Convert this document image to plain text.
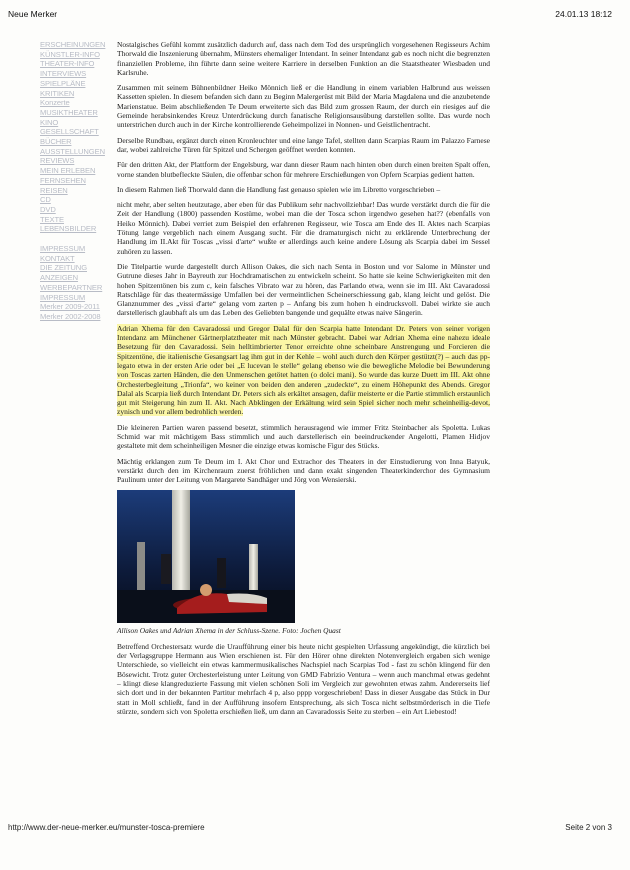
Neue Merker	24.01.13 18:12
ERSCHEINUNGEN
KÜNSTLER-INFO
THEATER-INFO
INTERVIEWS
SPIELPLÄNE
KRITIKEN
Konzerte
MUSIKTHEATER
KINO
GESELLSCHAFT
BÜCHER
AUSSTELLUNGEN
REVIEWS
MEIN ERLEBEN
FERNSEHEN
REISEN
CD
DVD
TEXTE
LEBENSBILDER
IMPRESSUM
KONTAKT
DIE ZEITUNG
ANZEIGEN
WERBEPARTNER
IMPRESSUM
Merker 2009-2011
Merker 2002-2008

Nostalgisches Gefühl kommt zusätzlich dadurch auf, dass nach dem Tod des ursprünglich vorgesehenen Regisseurs Achim Thorwald die Inszenierung übernahm, Münsters ehemaliger Intendant. In seiner Intendanz gab es noch nicht die begrenzten finanziellen Probleme, ihn führte dann seine weitere Karriere in derselben Funktion an die Staatstheater Wiesbaden und Karlsruhe.

Zusammen mit seinem Bühnenbildner Heiko Mönnich ließ er die Handlung in einem variablen Halbrund aus weissen Kassetten spielen. In diesem befanden sich dann zu Beginn Malergerüst mit Bild der Maria Magdalena und die anzubetende Marienstatue. Beim abschließenden Te Deum erweiterte sich das Bild zum grossen Raum, der durch ein riesiges auf die Gemeinde herabsinkendes Kreuz Unterdrückung durch fanatische Religionsausübung darstellen sollte. Das wurde noch unterstrichen durch auch in der Kirche kontrollierende Geheimpolizei in Nonnen- und Geistlichentracht.

Derselbe Rundbau, ergänzt durch einen Kronleuchter und eine lange Tafel, stellten dann Scarpias Raum im Palazzo Farnese dar, wobei zahlreiche Türen für Spitzel und Schergen geöffnet werden konnten.

Für den dritten Akt, der Plattform der Engelsburg, war dann dieser Raum nach hinten oben durch einen breiten Spalt offen, vorne standen blutbefleckte Säulen, die offenbar schon für mehrere Erschießungen von Opfern Scarpias gedient hatten.

In diesem Rahmen ließ Thorwald dann die Handlung fast genauso spielen wie im Libretto vorgeschrieben –

nicht mehr, aber selten heutzutage, aber eben für das Publikum sehr nachvollziehbar! Das wurde verstärkt durch die für die Zeit der Handlung (1800) passenden Kostüme, wobei man die der Tosca schon irgendwo gesehen hat?? (ebenfalls von Heiko Mönnich). Dabei verriet zum Beispiel den erfahrenen Regisseur, wie Tosca am Ende des II. Aktes nach Scarpias Tötung lange vergeblich nach einem Ausgang sucht. Für die dramaturgisch nicht zu erklärende Unterbrechung der Handlung im II.Akt für Toscas „vissi d'arte“ wußte er allerdings auch keine andere Lösung als Scarpia dabei im Sessel zuhören zu lassen.

Die Titelpartie wurde dargestellt durch Allison Oakes, die sich nach Senta in Boston und vor Salome in Münster und Gutrune dieses Jahr in Bayreuth zur Hochdramatischen zu entwickeln scheint. So hatte sie keine Schwierigkeiten mit den hohen Spitzentönen bis zum c, kein falsches Vibrato war zu hören, das Parlando etwa, wenn sie im III. Akt Cavaradossi Ratschläge für das theatermässige Umfallen bei der vermeintlichen Scheinerschiessung gab, klang leicht und gelöst. Die Glanznummer des „vissi d'arte“ gelang vom zarten p – Anfang bis zum hohen h eindrucksvoll. Dabei wirkte sie auch darstellerisch glaubhaft als um das Leben des Geliebten bangende und gequälte etwas naive Sängerin.

Adrian Xhema für den Cavaradossi und Gregor Dalal für den Scarpia hatte Intendant Dr. Peters von seiner vorigen Intendanz am Münchener Gärtnerplatztheater mit nach Münster gebracht. Dabei war Adrian Xhema eine nahezu ideale Besetzung für den Cavaradossi. Sein helltimbrierter Tenor erreichte ohne scheinbare Anstrengung und Forcieren die Spitzentöne, die italienische Gesangsart lag ihm gut in der Kehle – wohl auch durch den Körper gestützt(?) – auch das pp-legato etwa in der ersten Arie oder bei „E lucevan le stelle“ gelang ebenso wie die bewegliche Melodie bei Bewunderung von Toscas zarten Händen, die den Unmenschen getötet hatten (o dolci mani). So wurde das kurze Duett im III. Akt ohne Orchesterbegleitung „Trionfa“, wo keiner von beiden den anderen „zudeckte“, zu einem Höhepunkt des Abends. Gregor Dalal als Scarpia ließ durch Intendant Dr. Peters sich als erkältet ansagen, dafür meisterte er die Partie stimmlich erstaunlich gut mit Steigerung hin zum II. Akt. Nach Abklingen der Erkältung wird sein Spiel sicher noch mehr scheinheilig-devot, zynisch und vor allem bedrohlich werden.

Die kleineren Partien waren passend besetzt, stimmlich herausragend wie immer Fritz Steinbacher als Spoletta. Lukas Schmid war mit mächtigem Bass stimmlich und auch darstellerisch ein beeindruckender Angelotti, Plamen Hidjov gestaltete mit dem scheinheiligen Mesner die einzige etwas komische Figur des Stücks.

Mächtig erklangen zum Te Deum im I. Akt Chor und Extrachor des Theaters in der Einstudierung von Inna Batyuk, verstärkt durch den im Kirchenraum zuerst fröhlichen und dann exakt singenden Theaterkinderchor des Gymnasium Paulinum unter der Leitung von Margarete Sandhäger und Jörg von Wensierski.

Allison Oakes und Adrian Xhema in der Schluss-Szene. Foto: Jochen Quast

Betreffend Orchestersatz wurde die Uraufführung einer bis heute nicht gespielten Urfassung angekündigt, die kürzlich bei der Verlagsgruppe Hermann aus Wien erschienen ist. Für den Hörer ohne direkten Notenvergleich ergaben sich wenige Unterschiede, so vielleicht ein etwas kammermusikalisches Nachspiel nach Scarpias Tod - fast zu schön klingend für den Bösewicht. Trotz guter Orchesterleistung unter Leitung von GMD Fabrizio Ventura – wenn auch manchmal etwas gedehnt – klingt diese klangreduzierte Fassung mit vielen schönen Soli im Vergleich zur gewohnten etwas zahm. Andererseits lief sich dort und in der bekannten Partitur mehrfach 4 p, also pppp vorgeschrieben! Dass in dieser Ausgabe das Stück in Dur statt in Moll schließt, fand in der Aufführung insofern Entsprechung, als sich Tosca nicht selbstmörderisch in die Tiefe stürzte, sondern sich von Spoletta erschießen ließ, um dann an Cavaradossis Seite zu sterben – ein Art Liebestod!

http://www.der-neue-merker.eu/munster-tosca-premiere	Seite 2 von 3
